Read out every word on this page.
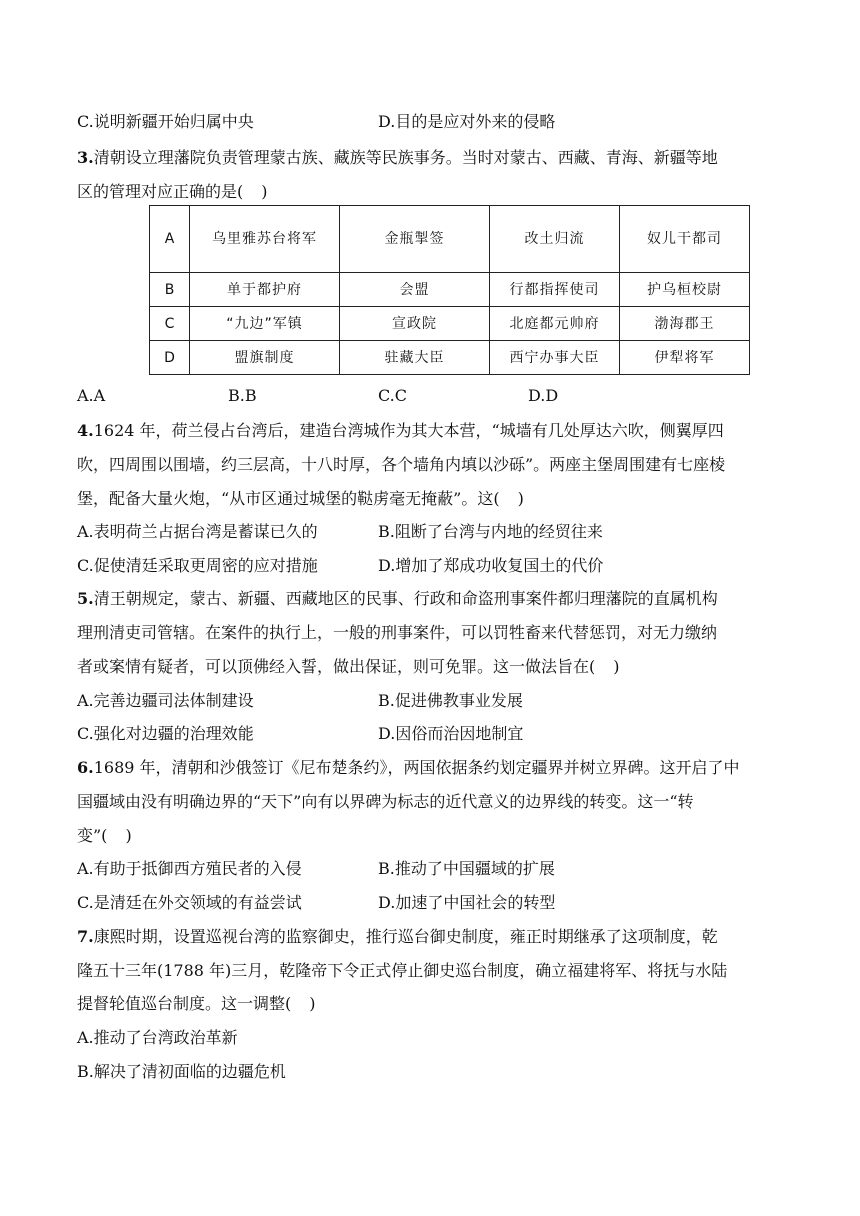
C.说明新疆开始归属中央	D.目的是应对外来的侵略
3.清朝设立理藩院负责管理蒙古族、藏族等民族事务。当时对蒙古、西藏、青海、新疆等地
区的管理对应正确的是( )
A	乌里雅苏台将军	金瓶掣签	改土归流	奴儿干都司
B	单于都护府	会盟	行都指挥使司	护乌桓校尉
C	“九边”军镇	宣政院	北庭都元帅府	渤海郡王
D	盟旗制度	驻藏大臣	西宁办事大臣	伊犁将军
A.A	B.B	C.C	D.D
4.1624 年，荷兰侵占台湾后，建造台湾城作为其大本营，“城墙有几处厚达六吹，侧翼厚四
吹，四周围以围墙，约三层高，十八时厚，各个墙角内填以沙砾”。两座主堡周围建有七座棱
堡，配备大量火炮，“从市区通过城堡的鞑虏毫无掩蔽”。这( )
A.表明荷兰占据台湾是蓄谋已久的	B.阻断了台湾与内地的经贸往来
C.促使清廷采取更周密的应对措施	D.增加了郑成功收复国土的代价
5.清王朝规定，蒙古、新疆、西藏地区的民事、行政和命盗刑事案件都归理藩院的直属机构
理刑清吏司管辖。在案件的执行上，一般的刑事案件，可以罚牲畜来代替惩罚，对无力缴纳
者或案情有疑者，可以顶佛经入誓，做出保证，则可免罪。这一做法旨在( )
A.完善边疆司法体制建设	B.促进佛教事业发展
C.强化对边疆的治理效能	D.因俗而治因地制宜
6.1689 年，清朝和沙俄签订《尼布楚条约》，两国依据条约划定疆界并树立界碑。这开启了中
国疆域由没有明确边界的“天下”向有以界碑为标志的近代意义的边界线的转变。这一“转
变”( )
A.有助于抵御西方殖民者的入侵	B.推动了中国疆域的扩展
C.是清廷在外交领域的有益尝试	D.加速了中国社会的转型
7.康熙时期，设置巡视台湾的监察御史，推行巡台御史制度，雍正时期继承了这项制度，乾
隆五十三年(1788 年)三月，乾隆帝下令正式停止御史巡台制度，确立福建将军、将抚与水陆
提督轮值巡台制度。这一调整( )
A.推动了台湾政治革新
B.解决了清初面临的边疆危机
